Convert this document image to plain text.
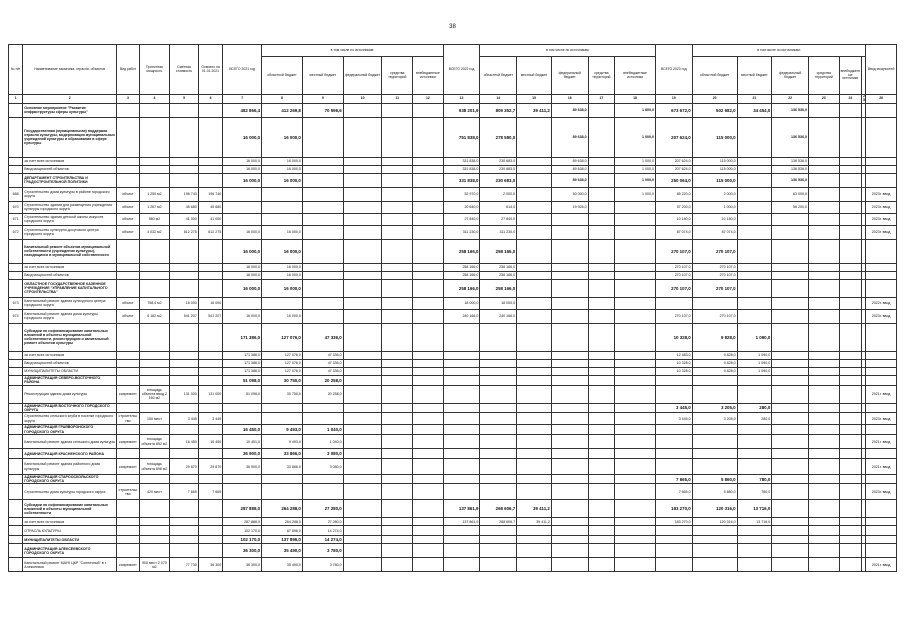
38
№ п/п	Наименование заказчика, отрасли, объектов	Вид работ	Проектная мощность	Сметная стоимость	Освоено на 01.01.2021	ВСЕГО 2021 год	в том числе по источникам:					ВСЕГО 2022 год	в том числе по источникам:					ВСЕГО 2023 год	в том числе по источникам:						Ввод мощностей
							областной бюджет	местный бюджет	федеральный бюджет	средства территорий	внебюджетные источники		областной бюджет	местный бюджет	федеральный бюджет	средства территорий	внебюджетные источники		областной бюджет	местный бюджет	федеральный бюджет	средства территорий	внебюджетные источники		
1	2	3	4	5	6	7	8	9	10	11	12	13	14	15	16	17	18	19	20	21	22	23	24	25	26
	Основное мероприятие "Развитие инфраструктуры сферы культуры"					482 866,4	412 269,8	70 596,6				938 201,9	809 352,7	39 411,2	89 638,0		1 800,0	673 672,0	502 682,0	34 454,0	136 536,0				
	Государственная (муниципальная) поддержка отрасли культуры, модернизация муниципальных учреждений культуры и образования в сфере культуры					16 000,0	16 000,0					751 838,0	278 580,0		89 638,0		1 000,0	207 624,0	115 000,0		136 536,0				
	за счет всех источников					16 000,0	16 000,0					331 838,0	230 683,0		89 638,0		1 000,0	207 624,0	115 000,0		136 536,0				
	Ввод мощностей объектов					16 000,0	16 000,0					331 838,0	230 683,0		89 638,0		1 000,0	207 624,0	115 000,0		136 536,0				
	ДЕПАРТАМЕНТ СТРОИТЕЛЬСТВА И ГРАДОСТРОИТЕЛЬНОЙ ПОЛИТИКИ					16 000,0	16 000,0					331 838,0	230 683,0		89 638,0		1 000,0	250 064,0	115 000,0		136 536,0				
668	Строительство дома культуры в районе городского округа	объект	1 250 м2	196 740	196 740							52 970,0	2 000,0		50 000,0		1 000,0	65 220,0	2 000,0		63 000,0				2023г. ввод
670	Строительство здания для размещения учреждения культуры городского округа	объект	1 267 м2	45 680	45 680							20 640,0	614,0		19 926,0			57 200,0	1 000,0		56 200,0				2023г. ввод
671	Строительство здания детской школы искусств городского округа	объект	980 м2	41 000	41 000							27 840,0	27 840,0					10 180,0	10 180,0						2023г. ввод
672	Строительство культурно-досугового центра городского округа	объект	4 032 м2	612 275	612 275	16 000,0	16 000,0					311 230,0	311 230,0					87 074,0	87 074,0						2023г. ввод
	Капитальный ремонт объектов муниципальной собственности (учреждения культуры), находящихся в муниципальной собственности					16 000,0	16 000,0					258 166,0	258 166,0					270 107,0	270 107,0						
	за счет всех источников					16 000,0	16 000,0					258 166,0	258 166,0					270 107,0	270 107,0						
	Ввод мощностей объектов					16 000,0	16 000,0					258 166,0	258 166,0					270 107,0	270 107,0						
	ОБЛАСТНОЕ ГОСУДАРСТВЕННОЕ КАЗЕННОЕ УЧРЕЖДЕНИЕ "УПРАВЛЕНИЕ КАПИТАЛЬНОГО СТРОИТЕЛЬСТВА"					16 000,0	16 000,0					258 166,0	258 166,0					270 107,0	270 107,0						
673	Капитальный ремонт здания культурного центра городского округа	объект	758,4 м2	16 000	16 000							18 000,0	18 000,0												2022г. ввод
674	Капитальный ремонт здания дома культуры городского округа	объект	6 182 м2	541 207	541 207	16 000,0	16 000,0					240 166,0	240 166,0					270 107,0	270 107,0						2023г. ввод
	Субсидии на софинансирование капитальных вложений в объекты муниципальной собственности, реконструкцию и капитальный ремонт объектов культуры					171 386,0	127 076,0	47 336,0										10 328,0	9 828,0	1 090,0					
	за счет всех источников					171 386,0	127 076,0	47 336,0										12 483,0	9 828,0	1 090,0					
	Ввод мощностей объектов					171 386,0	127 076,0	47 336,0										10 328,0	9 828,0	1 090,0					
	МУНИЦИПАЛИТЕТЫ ОБЛАСТИ					171 386,0	127 076,0	47 336,0										10 328,0	9 828,0	1 090,0					
	АДМИНИСТРАЦИЯ СЕВЕРО-ВОСТОЧНОГО РАЙОНА					51 098,0	30 750,0	20 258,0																	
	Реконструкция здания дома культуры	капремонт	площадь объекта ввод 2 160 м2	131 000	131 000	51 098,0	30 750,0	20 258,0																	2021г. ввод
	АДМИНИСТРАЦИЯ ВОСТОЧНОГО ГОРОДСКОГО ОКРУГА																	3 445,0	3 205,0	280,0					
	Строительство сельского клуба в поселке городского округа	строительство	150 мест	3 445	3 445													3 445,0	3 205,0	280,0					2023г. ввод
	АДМИНИСТРАЦИЯ ГРАЙВОРОНСКОГО ГОРОДСКОГО ОКРУГА					16 450,0	9 493,0	1 040,0																	
	Капитальный ремонт здания сельского дома культуры	капремонт	площадь объекта 852 м2	16 450	16 450	10 451,0	9 493,0	1 040,0																	2021г. ввод
	АДМИНИСТРАЦИЯ КРАСНЕНСКОГО РАЙОНА					36 900,0	33 866,0	3 080,0																	
	Капитальный ремонт здания районного дома культуры	капремонт	площадь объекта 896 м2	29 870	29 870	36 900,0	33 866,0	3 080,0																	2021г. ввод
	АДМИНИСТРАЦИЯ СТАРООСКОЛЬСКОГО ГОРОДСКОГО ОКРУГА																	7 665,0	5 860,0	780,0					
	Строительство дома культуры городского округа	строительство	420 мест	7 665	7 665													7 665,0	5 860,0	780,0					2023г. ввод
	Субсидии на софинансирование капитальных вложений в объекты муниципальной собственности					287 888,0	264 288,0	27 280,0				137 861,9	268 606,7	39 411,2				183 270,0	120 316,0	13 716,0					
	за счет всех источников					287 888,0	264 288,0	27 280,0				137 861,9	268 606,7	39 411,2				183 270,0	120 316,0	13 716,0					
	ОТРАСЛЬ КУЛЬТУРЫ					102 170,0	87 896,0	14 274,0																	
	МУНИЦИПАЛИТЕТЫ ОБЛАСТИ					102 170,0	137 896,0	14 274,0																	
	АДМИНИСТРАЦИЯ АЛЕКСЕЕВСКОГО ГОРОДСКОГО ОКРУГА					36 300,0	35 490,0	3 780,0																	
	Капитальный ремонт МАУК ЦКР "Солнечный" в г. Алексеевка	капремонт	900 мест 2 070 м2	77 730	36 300	36 300,0	35 490,0	3 780,0																	2021г. ввод
